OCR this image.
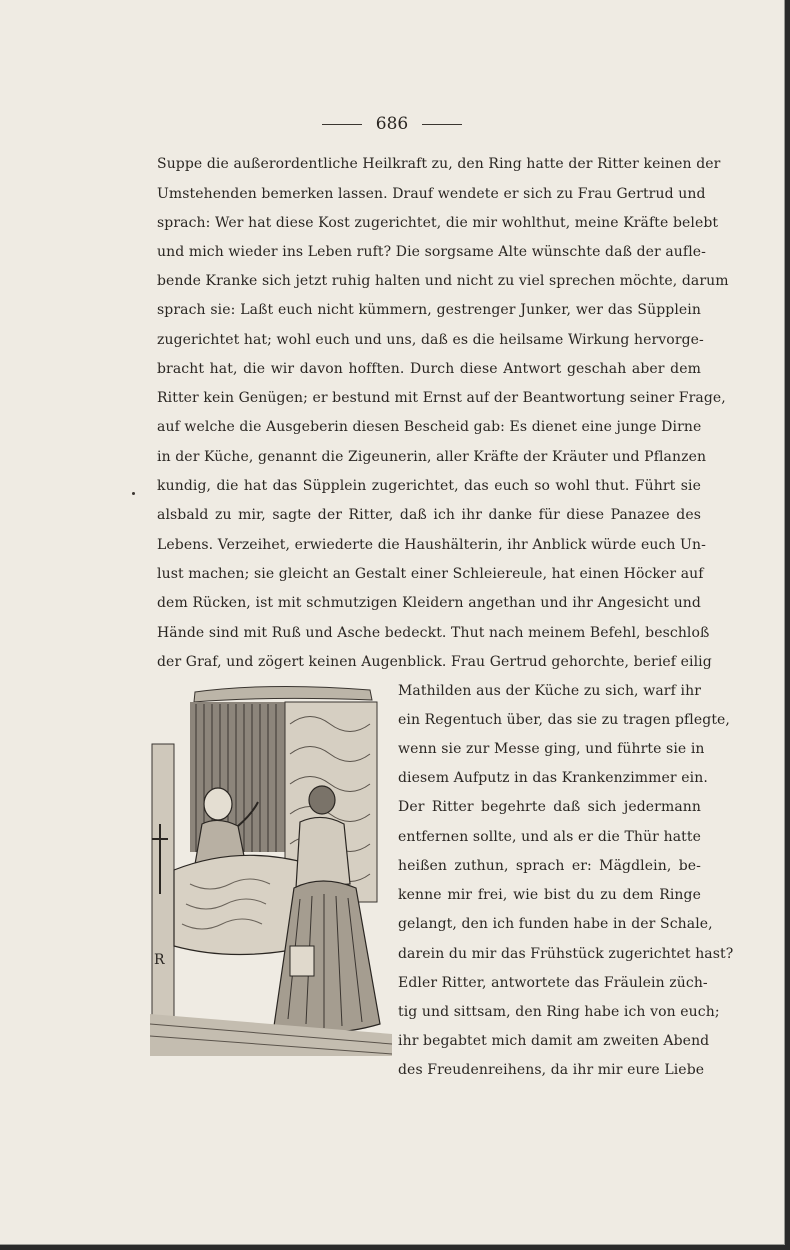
686
Suppe die außerordentliche Heilkraft zu, den Ring hatte der Ritter keinen der
Umstehenden bemerken lassen. Drauf wendete er sich zu Frau Gertrud und
sprach: Wer hat diese Kost zugerichtet, die mir wohlthut, meine Kräfte belebt
und mich wieder ins Leben ruft? Die sorgsame Alte wünschte daß der aufle-
bende Kranke sich jetzt ruhig halten und nicht zu viel sprechen möchte, darum
sprach sie: Laßt euch nicht kümmern, gestrenger Junker, wer das Süpplein
zugerichtet hat; wohl euch und uns, daß es die heilsame Wirkung hervorge-
bracht hat, die wir davon hofften. Durch diese Antwort geschah aber dem
Ritter kein Genügen; er bestund mit Ernst auf der Beantwortung seiner Frage,
auf welche die Ausgeberin diesen Bescheid gab: Es dienet eine junge Dirne
in der Küche, genannt die Zigeunerin, aller Kräfte der Kräuter und Pflanzen
kundig, die hat das Süpplein zugerichtet, das euch so wohl thut. Führt sie
alsbald zu mir, sagte der Ritter, daß ich ihr danke für diese Panazee des
Lebens. Verzeihet, erwiederte die Haushälterin, ihr Anblick würde euch Un-
lust machen; sie gleicht an Gestalt einer Schleiereule, hat einen Höcker auf
dem Rücken, ist mit schmutzigen Kleidern angethan und ihr Angesicht und
Hände sind mit Ruß und Asche bedeckt. Thut nach meinem Befehl, beschloß
der Graf, und zögert keinen Augenblick. Frau Gertrud gehorchte, berief eilig
Mathilden aus der Küche zu sich, warf ihr
ein Regentuch über, das sie zu tragen pflegte,
wenn sie zur Messe ging, und führte sie in
diesem Aufputz in das Krankenzimmer ein.
Der Ritter begehrte daß sich jedermann
entfernen sollte, und als er die Thür hatte
heißen zuthun, sprach er: Mägdlein, be-
kenne mir frei, wie bist du zu dem Ringe
gelangt, den ich funden habe in der Schale,
darein du mir das Frühstück zugerichtet hast?
Edler Ritter, antwortete das Fräulein züch-
tig und sittsam, den Ring habe ich von euch;
ihr begabtet mich damit am zweiten Abend
des Freudenreihens, da ihr mir eure Liebe
R
